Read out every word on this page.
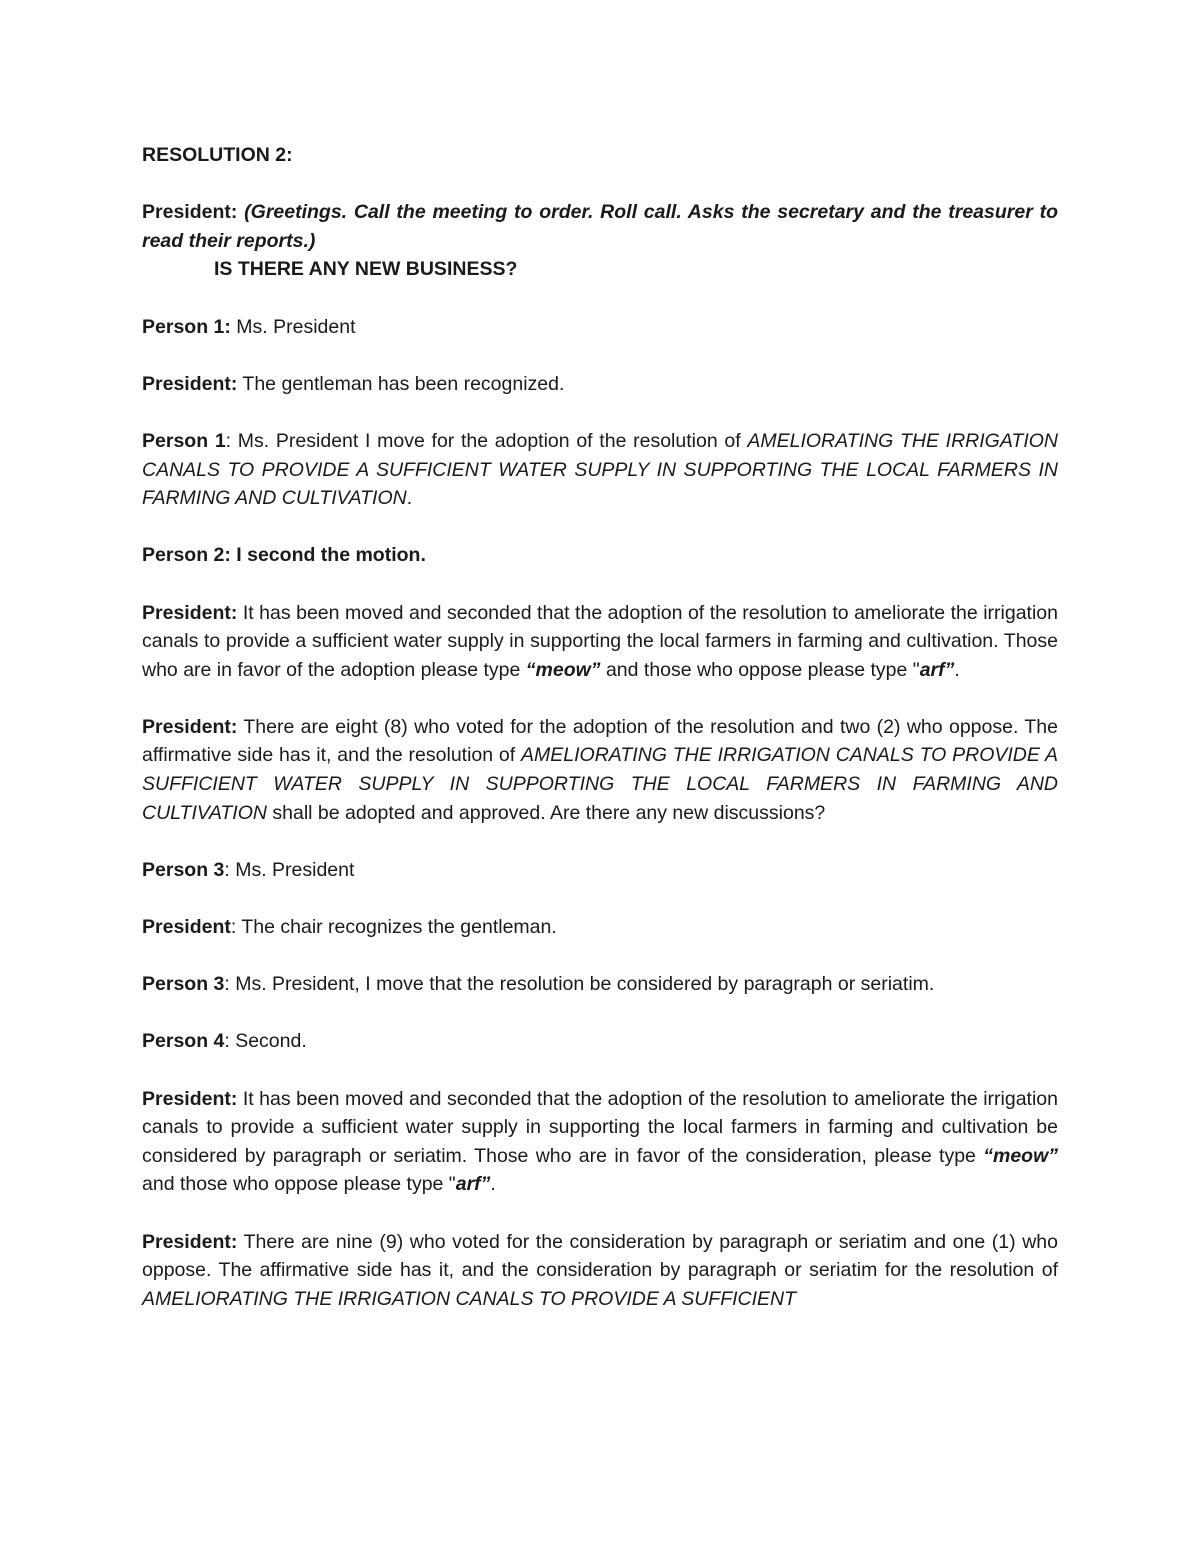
RESOLUTION 2:
President: (Greetings. Call the meeting to order. Roll call. Asks the secretary and the treasurer to read their reports.)
IS THERE ANY NEW BUSINESS?
Person 1: Ms. President
President: The gentleman has been recognized.
Person 1: Ms. President I move for the adoption of the resolution of AMELIORATING THE IRRIGATION CANALS TO PROVIDE A SUFFICIENT WATER SUPPLY IN SUPPORTING THE LOCAL FARMERS IN FARMING AND CULTIVATION.
Person 2: I second the motion.
President: It has been moved and seconded that the adoption of the resolution to ameliorate the irrigation canals to provide a sufficient water supply in supporting the local farmers in farming and cultivation. Those who are in favor of the adoption please type “meow” and those who oppose please type "arf”.
President: There are eight (8) who voted for the adoption of the resolution and two (2) who oppose. The affirmative side has it, and the resolution of AMELIORATING THE IRRIGATION CANALS TO PROVIDE A SUFFICIENT WATER SUPPLY IN SUPPORTING THE LOCAL FARMERS IN FARMING AND CULTIVATION shall be adopted and approved. Are there any new discussions?
Person 3: Ms. President
President: The chair recognizes the gentleman.
Person 3: Ms. President, I move that the resolution be considered by paragraph or seriatim.
Person 4: Second.
President: It has been moved and seconded that the adoption of the resolution to ameliorate the irrigation canals to provide a sufficient water supply in supporting the local farmers in farming and cultivation be considered by paragraph or seriatim. Those who are in favor of the consideration, please type “meow” and those who oppose please type "arf”.
President: There are nine (9) who voted for the consideration by paragraph or seriatim and one (1) who oppose. The affirmative side has it, and the consideration by paragraph or seriatim for the resolution of AMELIORATING THE IRRIGATION CANALS TO PROVIDE A SUFFICIENT
